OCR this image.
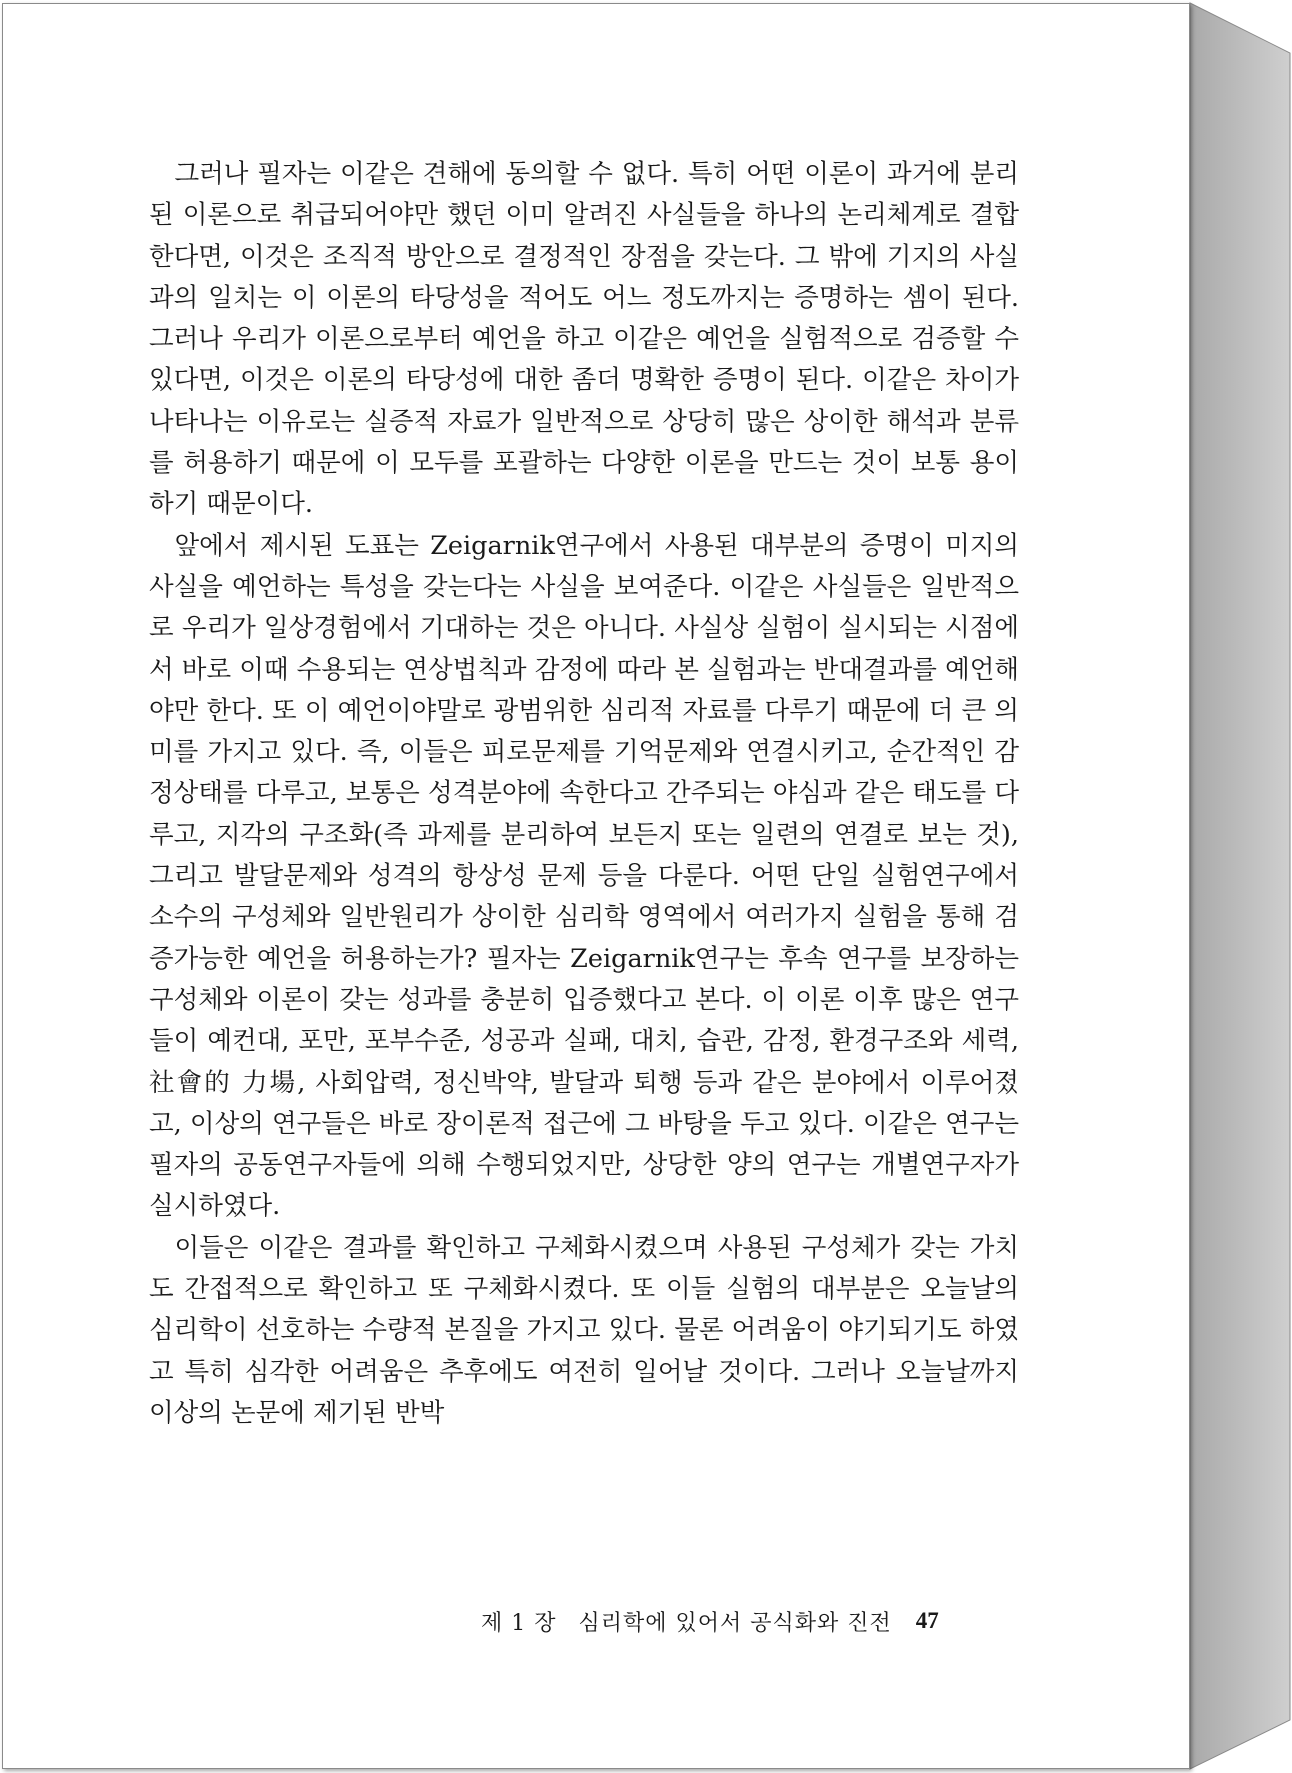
그러나 필자는 이같은 견해에 동의할 수 없다. 특히 어떤 이론이 과거에 분리된 이론으로 취급되어야만 했던 이미 알려진 사실들을 하나의 논리체계로 결합한다면, 이것은 조직적 방안으로 결정적인 장점을 갖는다. 그 밖에 기지의 사실과의 일치는 이 이론의 타당성을 적어도 어느 정도까지는 증명하는 셈이 된다. 그러나 우리가 이론으로부터 예언을 하고 이같은 예언을 실험적으로 검증할 수 있다면, 이것은 이론의 타당성에 대한 좀더 명확한 증명이 된다. 이같은 차이가 나타나는 이유로는 실증적 자료가 일반적으로 상당히 많은 상이한 해석과 분류를 허용하기 때문에 이 모두를 포괄하는 다양한 이론을 만드는 것이 보통 용이하기 때문이다.

앞에서 제시된 도표는 Zeigarnik연구에서 사용된 대부분의 증명이 미지의 사실을 예언하는 특성을 갖는다는 사실을 보여준다. 이같은 사실들은 일반적으로 우리가 일상경험에서 기대하는 것은 아니다. 사실상 실험이 실시되는 시점에서 바로 이때 수용되는 연상법칙과 감정에 따라 본 실험과는 반대결과를 예언해야만 한다. 또 이 예언이야말로 광범위한 심리적 자료를 다루기 때문에 더 큰 의미를 가지고 있다. 즉, 이들은 피로문제를 기억문제와 연결시키고, 순간적인 감정상태를 다루고, 보통은 성격분야에 속한다고 간주되는 야심과 같은 태도를 다루고, 지각의 구조화(즉 과제를 분리하여 보든지 또는 일련의 연결로 보는 것), 그리고 발달문제와 성격의 항상성 문제 등을 다룬다. 어떤 단일 실험연구에서 소수의 구성체와 일반원리가 상이한 심리학 영역에서 여러가지 실험을 통해 검증가능한 예언을 허용하는가? 필자는 Zeigarnik연구는 후속 연구를 보장하는 구성체와 이론이 갖는 성과를 충분히 입증했다고 본다. 이 이론 이후 많은 연구들이 예컨대, 포만, 포부수준, 성공과 실패, 대치, 습관, 감정, 환경구조와 세력, 社會的 力場, 사회압력, 정신박약, 발달과 퇴행 등과 같은 분야에서 이루어졌고, 이상의 연구들은 바로 장이론적 접근에 그 바탕을 두고 있다. 이같은 연구는 필자의 공동연구자들에 의해 수행되었지만, 상당한 양의 연구는 개별연구자가 실시하였다.

이들은 이같은 결과를 확인하고 구체화시켰으며 사용된 구성체가 갖는 가치도 간접적으로 확인하고 또 구체화시켰다. 또 이들 실험의 대부분은 오늘날의 심리학이 선호하는 수량적 본질을 가지고 있다. 물론 어려움이 야기되기도 하였고 특히 심각한 어려움은 추후에도 여전히 일어날 것이다. 그러나 오늘날까지 이상의 논문에 제기된 반박

제 1 장 심리학에 있어서 공식화와 진전 47
